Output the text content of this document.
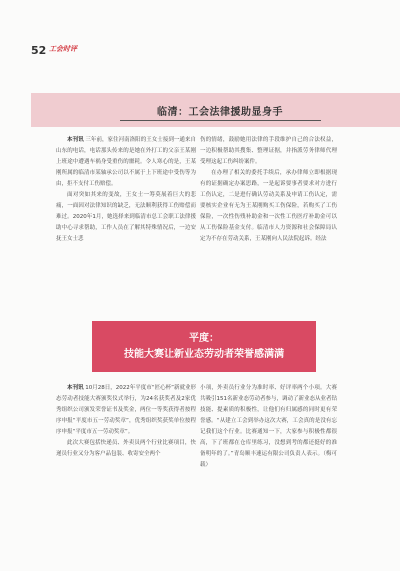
52 工会时评
临清：工会法律援助显身手

本刊讯 三年前，家住河南洛阳的王女士接到一通来自山东的电话，电话那头传来的是她在外打工的父亲王某刚上班途中遭遇车祸身受重伤的噩耗。令人寒心的是，王某刚所属的临清市某轴承公司以不属于上下班途中受伤等为由，拒不支付工伤赔偿。

面对突如其来的变故，王女士一筹莫展着巨大的悲痛，一面因对法律知识的缺乏，无法顺利获得工伤赔偿而难过。2020年1月，她选择来到临清市总工会职工法律援助中心寻求帮助，工作人员在了解其特殊情况后，一边安抚王女士悲

伤的情绪，鼓励她用法律的手段维护自己的合法权益，一边积极帮助其搜集、整理证据，并指派劳务律师代理受理这起工伤纠纷案件。

在办理了相关的委托手续后，承办律师立即根据现有的证据确定办案思路，一是起诉要事者要求对方进行工伤认定，二是进行确认劳动关系及申请工伤认定，需要核实企业有无为王某刚购买工伤保险，若购买了工伤保险，一次性伤残补助金和一次性工伤医疗补助金可以从工伤保险基金支付。临清市人力资源和社会保障局认定为不存在劳动关系，王某刚向人民法院起诉。经法

平度：
技能大赛让新业态劳动者荣誉感满满

本刊讯 10月28日，2022年平度市“匠心杯”新就业形态劳动者技能大赛颁奖仪式举行，为24名获奖者及2家优秀组织公司颁发荣誉证书及奖金，两位一等奖获得者按程序申报“平度市五一劳动奖章”，优秀组织奖获奖单位按程序申报“平度市五一劳动奖章”。

此次大赛包括快递员、外卖员两个行业比赛项目，快递员行业又分为客户品包装、收寄安全两个

小项，外卖员行业分为准时率、好评率两个小项。大赛共吸引151名新业态劳动者参与，调动了新业态从业者钻技能、提素质的积极性，让他们有归属感的同时更有荣誉感。“从建立工会到举办这次大赛，工会真的是没有忘记我们这个行业。比赛通知一下，大家参与积极性都很高，下了班都在仓库里练习，没想到考的都还挺好的准备明年的了。”青岛顺丰速运有限公司负责人表示。（梅可载）
